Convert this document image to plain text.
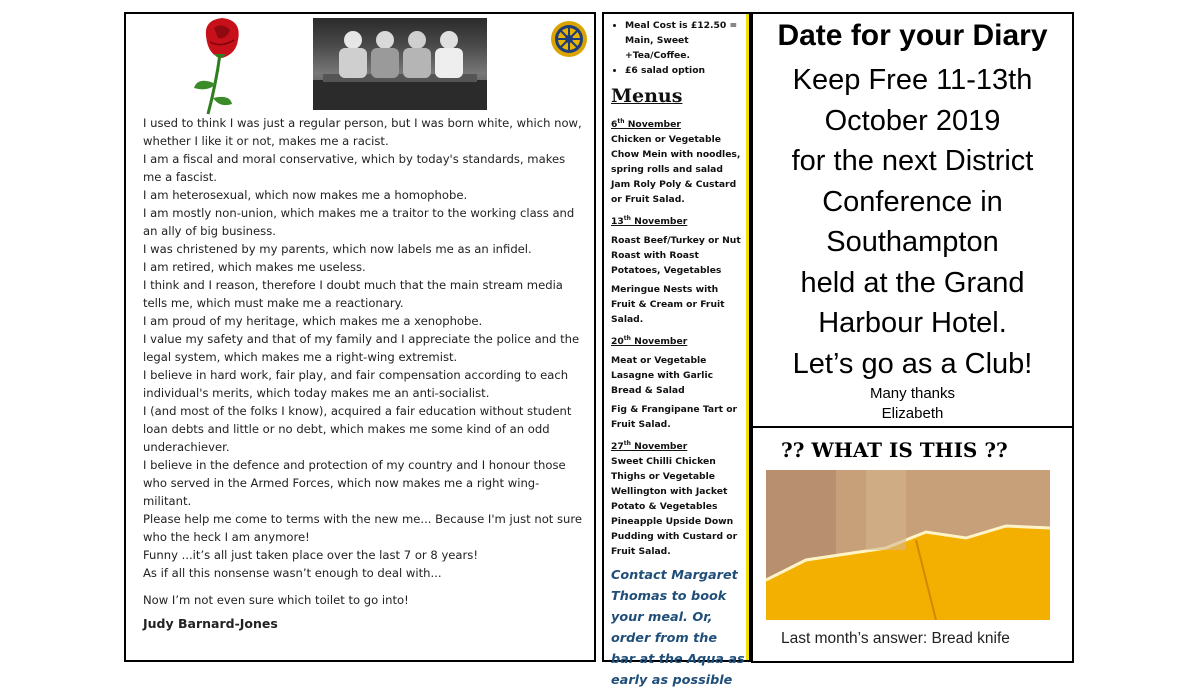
I used to think I was just a regular person, but I was born white, which now, whether I like it or not, makes me a racist.

I am a fiscal and moral conservative, which by today's standards, makes me a fascist.

I am heterosexual, which now makes me a homophobe.

I am mostly non-union, which makes me a traitor to the working class and an ally of big business.

I was christened by my parents, which now labels me as an infidel.

I am retired, which makes me useless.

I think and I reason, therefore I doubt much that the main stream media tells me, which must make me a reactionary.

I am proud of my heritage, which makes me a xenophobe.

I value my safety and that of my family and I appreciate the police and the legal system, which makes me a right-wing extremist.

I believe in hard work, fair play, and fair compensation according to each individual's merits, which today makes me an anti-socialist.

I (and most of the folks I know), acquired a fair education without student loan debts and little or no debt, which makes me some kind of an odd underachiever.

I believe in the defence and protection of my country and I honour those who served in the Armed Forces, which now makes me a right wing-militant.

Please help me come to terms with the new me... Because I'm just not sure who the heck I am anymore!

Funny ...it’s all just taken place over the last 7 or 8 years!

As if all this nonsense wasn’t enough to deal with...

Now I’m not even sure which toilet to go into!

Judy Barnard-Jones

• Meal Cost is £12.50 = Main, Sweet +Tea/Coffee.
• £6 salad option
Menus
6th November
Chicken or Vegetable Chow Mein with noodles, spring rolls and salad Jam Roly Poly & Custard or Fruit Salad.
13th November
Roast Beef/Turkey or Nut Roast with Roast Potatoes, Vegetables
Meringue Nests with Fruit & Cream or Fruit Salad.
20th November
Meat or Vegetable Lasagne with Garlic Bread & Salad
Fig & Frangipane Tart or Fruit Salad.
27th November
Sweet Chilli Chicken Thighs or Vegetable Wellington with Jacket Potato & Vegetables Pineapple Upside Down Pudding with Custard or Fruit Salad.
Contact Margaret Thomas to book your meal. Or, order from the bar at the Aqua as early as possible
Date for your Diary
Keep Free 11-13th
October 2019
for the next District
Conference in
Southampton
held at the Grand
Harbour Hotel.
Let’s go as a Club!
Many thanks
Elizabeth
?? WHAT IS THIS ??
Last month’s answer: Bread knife
